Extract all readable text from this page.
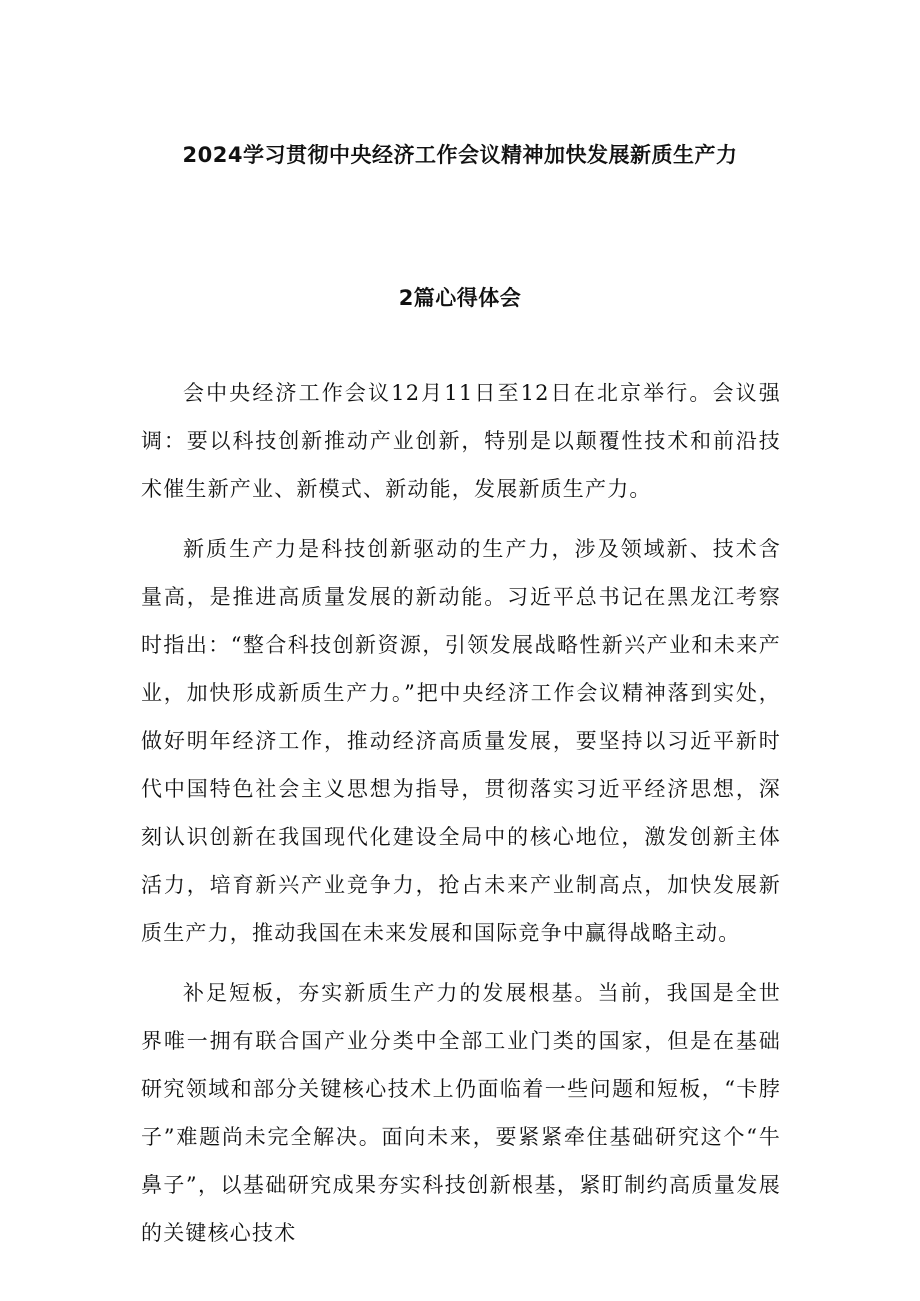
2024学习贯彻中央经济工作会议精神加快发展新质生产力
2篇心得体会

会中央经济工作会议12月11日至12日在北京举行。会议强调：要以科技创新推动产业创新，特别是以颠覆性技术和前沿技术催生新产业、新模式、新动能，发展新质生产力。

新质生产力是科技创新驱动的生产力，涉及领域新、技术含量高，是推进高质量发展的新动能。习近平总书记在黑龙江考察时指出：“整合科技创新资源，引领发展战略性新兴产业和未来产业，加快形成新质生产力。”把中央经济工作会议精神落到实处，做好明年经济工作，推动经济高质量发展，要坚持以习近平新时代中国特色社会主义思想为指导，贯彻落实习近平经济思想，深刻认识创新在我国现代化建设全局中的核心地位，激发创新主体活力，培育新兴产业竞争力，抢占未来产业制高点，加快发展新质生产力，推动我国在未来发展和国际竞争中赢得战略主动。

补足短板，夯实新质生产力的发展根基。当前，我国是全世界唯一拥有联合国产业分类中全部工业门类的国家，但是在基础研究领域和部分关键核心技术上仍面临着一些问题和短板，“卡脖子”难题尚未完全解决。面向未来，要紧紧牵住基础研究这个“牛鼻子”，以基础研究成果夯实科技创新根基，紧盯制约高质量发展的关键核心技术
